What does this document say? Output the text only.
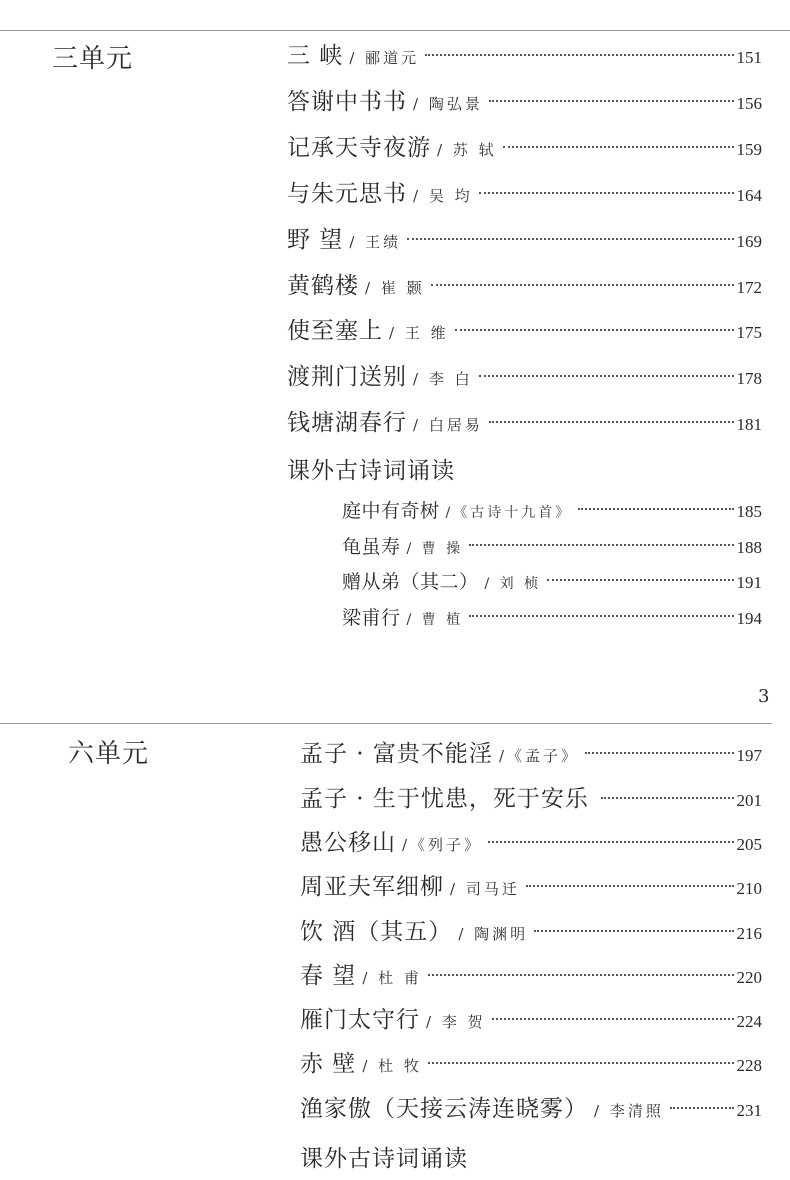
三单元	三 峡 / 郦道元	151
答谢中书书 / 陶弘景	156
记承天寺夜游 / 苏 轼	159
与朱元思书 / 吴 均	164
野 望 / 王绩	169
黄鹤楼 / 崔 颢	172
使至塞上 / 王 维	175
渡荆门送别 / 李 白	178
钱塘湖春行 / 白居易	181
课外古诗词诵读
庭中有奇树 /《古诗十九首》	185
龟虽寿 / 曹 操	188
赠从弟（其二） / 刘 桢	191
梁甫行 / 曹 植	194
3
六单元	孟子 · 富贵不能淫 /《孟子》	197
孟子 · 生于忧患，死于安乐	201
愚公移山 /《列子》	205
周亚夫军细柳 / 司马迁	210
饮 酒（其五） / 陶渊明	216
春 望 / 杜 甫	220
雁门太守行 / 李 贺	224
赤 壁 / 杜 牧	228
渔家傲（天接云涛连晓雾） / 李清照	231
课外古诗词诵读
